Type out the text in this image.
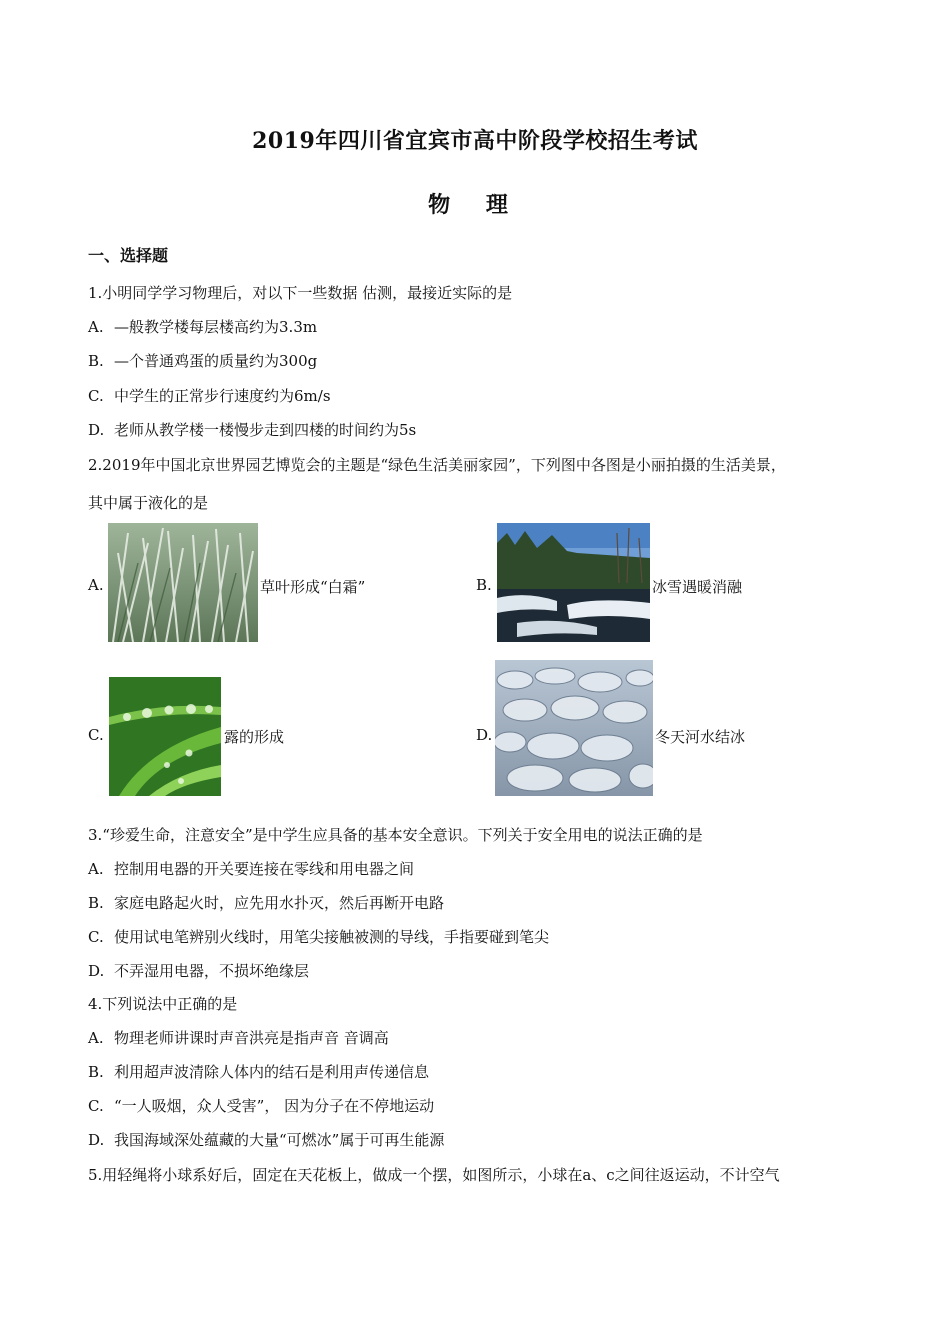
2019年四川省宜宾市高中阶段学校招生考试
物 理
一、选择题
1.小明同学学习物理后，对以下一些数据 估测，最接近实际的是
A. —般教学楼每层楼高约为3.3m
B. —个普通鸡蛋的质量约为300g
C. 中学生的正常步行速度约为6m/s
D. 老师从教学楼一楼慢步走到四楼的时间约为5s
2.2019年中国北京世界园艺博览会的主题是“绿色生活美丽家园”，下列图中各图是小丽拍摄的生活美景，
其中属于液化的是
A.	草叶形成“白霜”	B.	冰雪遇暖消融
C.	露的形成	D.	冬天河水结冰
3.“珍爱生命，注意安全”是中学生应具备的基本安全意识。下列关于安全用电的说法正确的是
A. 控制用电器的开关要连接在零线和用电器之间
B. 家庭电路起火时，应先用水扑灭，然后再断开电路
C. 使用试电笔辨别火线时，用笔尖接触被测的导线，手指要碰到笔尖
D. 不弄湿用电器，不损坏绝缘层
4.下列说法中正确的是
A. 物理老师讲课时声音洪亮是指声音 音调高
B. 利用超声波清除人体内的结石是利用声传递信息
C. “一人吸烟，众人受害”， 因为分子在不停地运动
D. 我国海域深处蕴藏的大量“可燃冰”属于可再生能源
5.用轻绳将小球系好后，固定在天花板上，做成一个摆，如图所示，小球在a、c之间往返运动，不计空气
